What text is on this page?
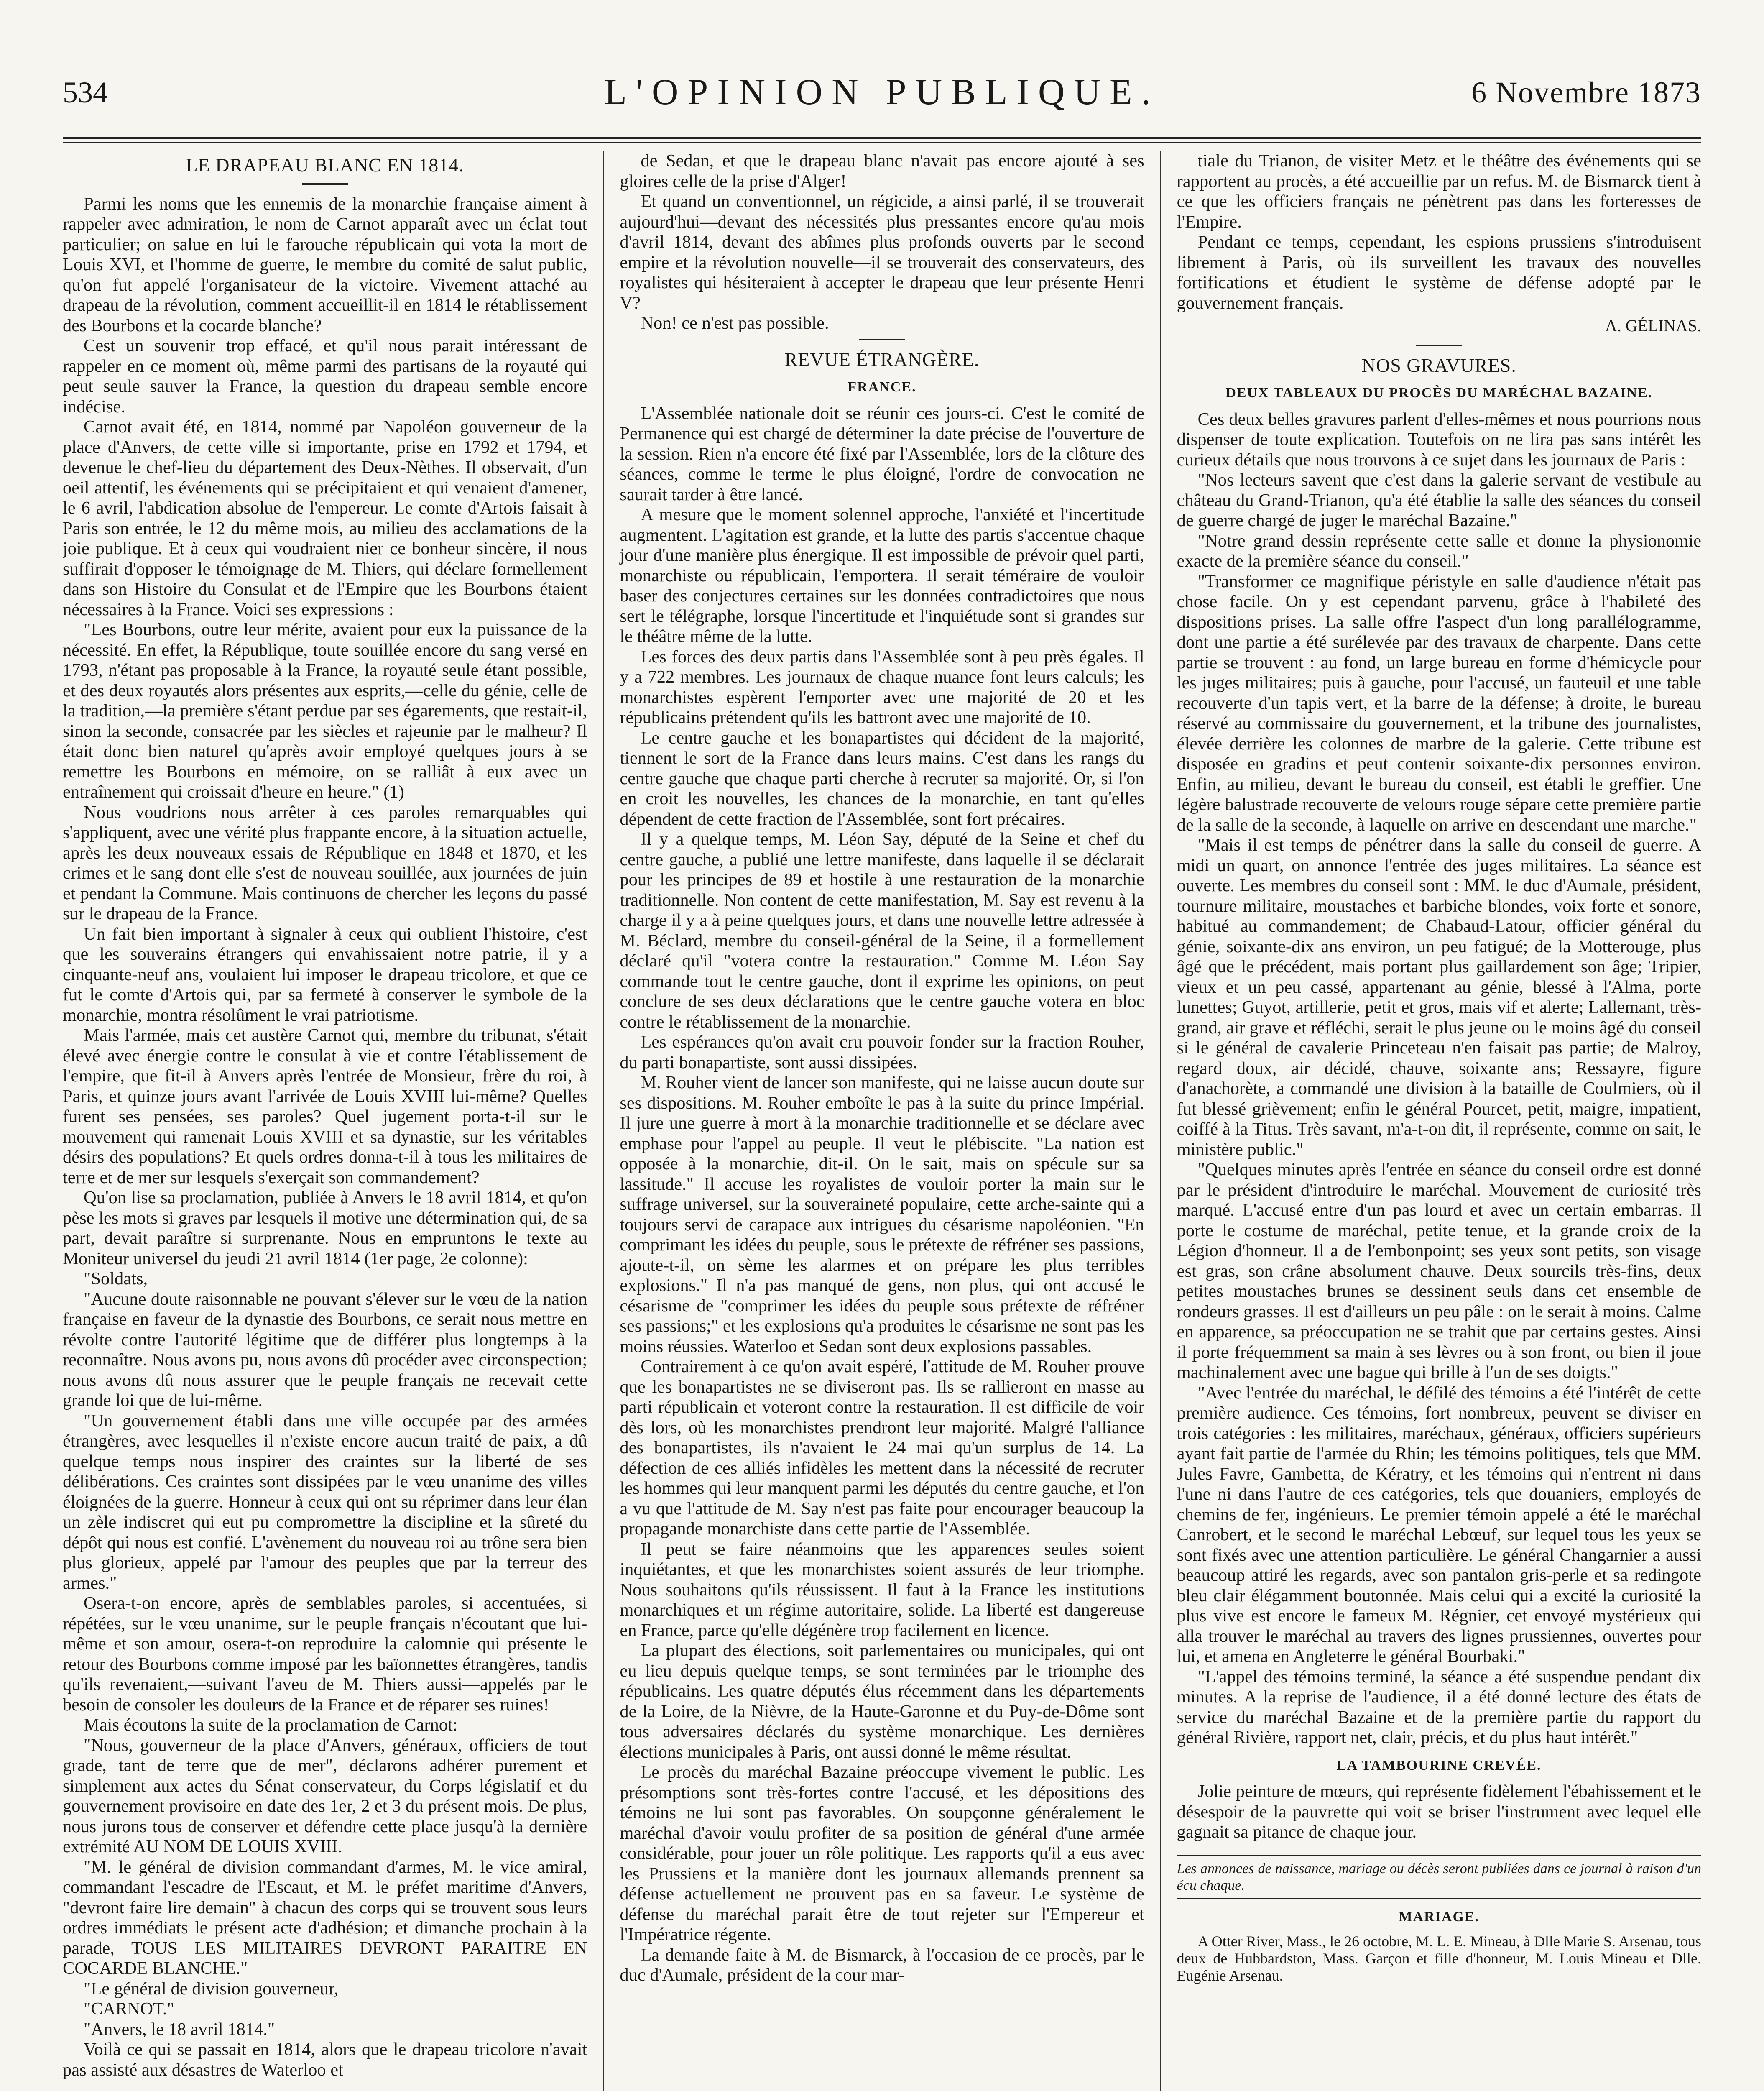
534	L'OPINION PUBLIQUE.	6 Novembre 1873
LE DRAPEAU BLANC EN 1814.

Parmi les noms que les ennemis de la monarchie française aiment à rappeler avec admiration, le nom de Carnot apparaît avec un éclat tout particulier; on salue en lui le farouche républicain qui vota la mort de Louis XVI, et l'homme de guerre, le membre du comité de salut public, qu'on fut appelé l'organisateur de la victoire. Vivement attaché au drapeau de la révolution, comment accueillit-il en 1814 le rétablissement des Bourbons et la cocarde blanche?

Cest un souvenir trop effacé, et qu'il nous parait intéressant de rappeler en ce moment où, même parmi des partisans de la royauté qui peut seule sauver la France, la question du drapeau semble encore indécise.

Carnot avait été, en 1814, nommé par Napoléon gouverneur de la place d'Anvers, de cette ville si importante, prise en 1792 et 1794, et devenue le chef-lieu du département des Deux-Nèthes. Il observait, d'un oeil attentif, les événements qui se précipitaient et qui venaient d'amener, le 6 avril, l'abdication absolue de l'empereur. Le comte d'Artois faisait à Paris son entrée, le 12 du même mois, au milieu des acclamations de la joie publique. Et à ceux qui voudraient nier ce bonheur sincère, il nous suffirait d'opposer le témoignage de M. Thiers, qui déclare formellement dans son Histoire du Consulat et de l'Empire que les Bourbons étaient nécessaires à la France. Voici ses expressions :

"Les Bourbons, outre leur mérite, avaient pour eux la puissance de la nécessité. En effet, la République, toute souillée encore du sang versé en 1793, n'étant pas proposable à la France, la royauté seule étant possible, et des deux royautés alors présentes aux esprits,—celle du génie, celle de la tradition,—la première s'étant perdue par ses égarements, que restait-il, sinon la seconde, consacrée par les siècles et rajeunie par le malheur? Il était donc bien naturel qu'après avoir employé quelques jours à se remettre les Bourbons en mémoire, on se ralliât à eux avec un entraînement qui croissait d'heure en heure." (1)

Nous voudrions nous arrêter à ces paroles remarquables qui s'appliquent, avec une vérité plus frappante encore, à la situation actuelle, après les deux nouveaux essais de République en 1848 et 1870, et les crimes et le sang dont elle s'est de nouveau souillée, aux journées de juin et pendant la Commune. Mais continuons de chercher les leçons du passé sur le drapeau de la France.

Un fait bien important à signaler à ceux qui oublient l'histoire, c'est que les souverains étrangers qui envahissaient notre patrie, il y a cinquante-neuf ans, voulaient lui imposer le drapeau tricolore, et que ce fut le comte d'Artois qui, par sa fermeté à conserver le symbole de la monarchie, montra résolûment le vrai patriotisme.

Mais l'armée, mais cet austère Carnot qui, membre du tribunat, s'était élevé avec énergie contre le consulat à vie et contre l'établissement de l'empire, que fit-il à Anvers après l'entrée de Monsieur, frère du roi, à Paris, et quinze jours avant l'arrivée de Louis XVIII lui-même? Quelles furent ses pensées, ses paroles? Quel jugement porta-t-il sur le mouvement qui ramenait Louis XVIII et sa dynastie, sur les véritables désirs des populations? Et quels ordres donna-t-il à tous les militaires de terre et de mer sur lesquels s'exerçait son commandement?

Qu'on lise sa proclamation, publiée à Anvers le 18 avril 1814, et qu'on pèse les mots si graves par lesquels il motive une détermination qui, de sa part, devait paraître si surprenante. Nous en empruntons le texte au Moniteur universel du jeudi 21 avril 1814 (1er page, 2e colonne):

"Soldats,

"Aucune doute raisonnable ne pouvant s'élever sur le vœu de la nation française en faveur de la dynastie des Bourbons, ce serait nous mettre en révolte contre l'autorité légitime que de différer plus longtemps à la reconnaître. Nous avons pu, nous avons dû procéder avec circonspection; nous avons dû nous assurer que le peuple français ne recevait cette grande loi que de lui-même.

"Un gouvernement établi dans une ville occupée par des armées étrangères, avec lesquelles il n'existe encore aucun traité de paix, a dû quelque temps nous inspirer des craintes sur la liberté de ses délibérations. Ces craintes sont dissipées par le vœu unanime des villes éloignées de la guerre. Honneur à ceux qui ont su réprimer dans leur élan un zèle indiscret qui eut pu compromettre la discipline et la sûreté du dépôt qui nous est confié. L'avènement du nouveau roi au trône sera bien plus glorieux, appelé par l'amour des peuples que par la terreur des armes."

Osera-t-on encore, après de semblables paroles, si accentuées, si répétées, sur le vœu unanime, sur le peuple français n'écoutant que lui-même et son amour, osera-t-on reproduire la calomnie qui présente le retour des Bourbons comme imposé par les baïonnettes étrangères, tandis qu'ils revenaient,—suivant l'aveu de M. Thiers aussi—appelés par le besoin de consoler les douleurs de la France et de réparer ses ruines!

Mais écoutons la suite de la proclamation de Carnot:

"Nous, gouverneur de la place d'Anvers, généraux, officiers de tout grade, tant de terre que de mer", déclarons adhérer purement et simplement aux actes du Sénat conservateur, du Corps législatif et du gouvernement provisoire en date des 1er, 2 et 3 du présent mois. De plus, nous jurons tous de conserver et défendre cette place jusqu'à la dernière extrémité AU NOM DE LOUIS XVIII.

"M. le général de division commandant d'armes, M. le vice amiral, commandant l'escadre de l'Escaut, et M. le préfet maritime d'Anvers, "devront faire lire demain" à chacun des corps qui se trouvent sous leurs ordres immédiats le présent acte d'adhésion; et dimanche prochain à la parade, TOUS LES MILITAIRES DEVRONT PARAITRE EN COCARDE BLANCHE."

"Le général de division gouverneur,

"CARNOT."

"Anvers, le 18 avril 1814."

Voilà ce qui se passait en 1814, alors que le drapeau tricolore n'avait pas assisté aux désastres de Waterloo et

de Sedan, et que le drapeau blanc n'avait pas encore ajouté à ses gloires celle de la prise d'Alger!

Et quand un conventionnel, un régicide, a ainsi parlé, il se trouverait aujourd'hui—devant des nécessités plus pressantes encore qu'au mois d'avril 1814, devant des abîmes plus profonds ouverts par le second empire et la révolution nouvelle—il se trouverait des conservateurs, des royalistes qui hésiteraient à accepter le drapeau que leur présente Henri V?

Non! ce n'est pas possible.

REVUE ÉTRANGÈRE.
FRANCE.

L'Assemblée nationale doit se réunir ces jours-ci. C'est le comité de Permanence qui est chargé de déterminer la date précise de l'ouverture de la session. Rien n'a encore été fixé par l'Assemblée, lors de la clôture des séances, comme le terme le plus éloigné, l'ordre de convocation ne saurait tarder à être lancé.

A mesure que le moment solennel approche, l'anxiété et l'incertitude augmentent. L'agitation est grande, et la lutte des partis s'accentue chaque jour d'une manière plus énergique. Il est impossible de prévoir quel parti, monarchiste ou républicain, l'emportera. Il serait téméraire de vouloir baser des conjectures certaines sur les données contradictoires que nous sert le télégraphe, lorsque l'incertitude et l'inquiétude sont si grandes sur le théâtre même de la lutte.

Les forces des deux partis dans l'Assemblée sont à peu près égales. Il y a 722 membres. Les journaux de chaque nuance font leurs calculs; les monarchistes espèrent l'emporter avec une majorité de 20 et les républicains prétendent qu'ils les battront avec une majorité de 10.

Le centre gauche et les bonapartistes qui décident de la majorité, tiennent le sort de la France dans leurs mains. C'est dans les rangs du centre gauche que chaque parti cherche à recruter sa majorité. Or, si l'on en croit les nouvelles, les chances de la monarchie, en tant qu'elles dépendent de cette fraction de l'Assemblée, sont fort précaires.

Il y a quelque temps, M. Léon Say, député de la Seine et chef du centre gauche, a publié une lettre manifeste, dans laquelle il se déclarait pour les principes de 89 et hostile à une restauration de la monarchie traditionnelle. Non content de cette manifestation, M. Say est revenu à la charge il y a à peine quelques jours, et dans une nouvelle lettre adressée à M. Béclard, membre du conseil-général de la Seine, il a formellement déclaré qu'il "votera contre la restauration." Comme M. Léon Say commande tout le centre gauche, dont il exprime les opinions, on peut conclure de ses deux déclarations que le centre gauche votera en bloc contre le rétablissement de la monarchie.

Les espérances qu'on avait cru pouvoir fonder sur la fraction Rouher, du parti bonapartiste, sont aussi dissipées.

M. Rouher vient de lancer son manifeste, qui ne laisse aucun doute sur ses dispositions. M. Rouher emboîte le pas à la suite du prince Impérial. Il jure une guerre à mort à la monarchie traditionnelle et se déclare avec emphase pour l'appel au peuple. Il veut le plébiscite. "La nation est opposée à la monarchie, dit-il. On le sait, mais on spécule sur sa lassitude." Il accuse les royalistes de vouloir porter la main sur le suffrage universel, sur la souveraineté populaire, cette arche-sainte qui a toujours servi de carapace aux intrigues du césarisme napoléonien. "En comprimant les idées du peuple, sous le prétexte de réfréner ses passions, ajoute-t-il, on sème les alarmes et on prépare les plus terribles explosions." Il n'a pas manqué de gens, non plus, qui ont accusé le césarisme de "comprimer les idées du peuple sous prétexte de réfréner ses passions;" et les explosions qu'a produites le césarisme ne sont pas les moins réussies. Waterloo et Sedan sont deux explosions passables.

Contrairement à ce qu'on avait espéré, l'attitude de M. Rouher prouve que les bonapartistes ne se diviseront pas. Ils se rallieront en masse au parti républicain et voteront contre la restauration. Il est difficile de voir dès lors, où les monarchistes prendront leur majorité. Malgré l'alliance des bonapartistes, ils n'avaient le 24 mai qu'un surplus de 14. La défection de ces alliés infidèles les mettent dans la nécessité de recruter les hommes qui leur manquent parmi les députés du centre gauche, et l'on a vu que l'attitude de M. Say n'est pas faite pour encourager beaucoup la propagande monarchiste dans cette partie de l'Assemblée.

Il peut se faire néanmoins que les apparences seules soient inquiétantes, et que les monarchistes soient assurés de leur triomphe. Nous souhaitons qu'ils réussissent. Il faut à la France les institutions monarchiques et un régime autoritaire, solide. La liberté est dangereuse en France, parce qu'elle dégénère trop facilement en licence.

La plupart des élections, soit parlementaires ou municipales, qui ont eu lieu depuis quelque temps, se sont terminées par le triomphe des républicains. Les quatre députés élus récemment dans les départements de la Loire, de la Nièvre, de la Haute-Garonne et du Puy-de-Dôme sont tous adversaires déclarés du système monarchique. Les dernières élections municipales à Paris, ont aussi donné le même résultat.

Le procès du maréchal Bazaine préoccupe vivement le public. Les présomptions sont très-fortes contre l'accusé, et les dépositions des témoins ne lui sont pas favorables. On soupçonne généralement le maréchal d'avoir voulu profiter de sa position de général d'une armée considérable, pour jouer un rôle politique. Les rapports qu'il a eus avec les Prussiens et la manière dont les journaux allemands prennent sa défense actuellement ne prouvent pas en sa faveur. Le système de défense du maréchal parait être de tout rejeter sur l'Empereur et l'Impératrice régente.

La demande faite à M. de Bismarck, à l'occasion de ce procès, par le duc d'Aumale, président de la cour mar-

tiale du Trianon, de visiter Metz et le théâtre des événements qui se rapportent au procès, a été accueillie par un refus. M. de Bismarck tient à ce que les officiers français ne pénètrent pas dans les forteresses de l'Empire.

Pendant ce temps, cependant, les espions prussiens s'introduisent librement à Paris, où ils surveillent les travaux des nouvelles fortifications et étudient le système de défense adopté par le gouvernement français.

A. GÉLINAS.
NOS GRAVURES.
DEUX TABLEAUX DU PROCÈS DU MARÉCHAL BAZAINE.

Ces deux belles gravures parlent d'elles-mêmes et nous pourrions nous dispenser de toute explication. Toutefois on ne lira pas sans intérêt les curieux détails que nous trouvons à ce sujet dans les journaux de Paris :

"Nos lecteurs savent que c'est dans la galerie servant de vestibule au château du Grand-Trianon, qu'a été établie la salle des séances du conseil de guerre chargé de juger le maréchal Bazaine."

"Notre grand dessin représente cette salle et donne la physionomie exacte de la première séance du conseil."

"Transformer ce magnifique péristyle en salle d'audience n'était pas chose facile. On y est cependant parvenu, grâce à l'habileté des dispositions prises. La salle offre l'aspect d'un long parallélogramme, dont une partie a été surélevée par des travaux de charpente. Dans cette partie se trouvent : au fond, un large bureau en forme d'hémicycle pour les juges militaires; puis à gauche, pour l'accusé, un fauteuil et une table recouverte d'un tapis vert, et la barre de la défense; à droite, le bureau réservé au commissaire du gouvernement, et la tribune des journalistes, élevée derrière les colonnes de marbre de la galerie. Cette tribune est disposée en gradins et peut contenir soixante-dix personnes environ. Enfin, au milieu, devant le bureau du conseil, est établi le greffier. Une légère balustrade recouverte de velours rouge sépare cette première partie de la salle de la seconde, à laquelle on arrive en descendant une marche."

"Mais il est temps de pénétrer dans la salle du conseil de guerre. A midi un quart, on annonce l'entrée des juges militaires. La séance est ouverte. Les membres du conseil sont : MM. le duc d'Aumale, président, tournure militaire, moustaches et barbiche blondes, voix forte et sonore, habitué au commandement; de Chabaud-Latour, officier général du génie, soixante-dix ans environ, un peu fatigué; de la Motterouge, plus âgé que le précédent, mais portant plus gaillardement son âge; Tripier, vieux et un peu cassé, appartenant au génie, blessé à l'Alma, porte lunettes; Guyot, artillerie, petit et gros, mais vif et alerte; Lallemant, très-grand, air grave et réfléchi, serait le plus jeune ou le moins âgé du conseil si le général de cavalerie Princeteau n'en faisait pas partie; de Malroy, regard doux, air décidé, chauve, soixante ans; Ressayre, figure d'anachorète, a commandé une division à la bataille de Coulmiers, où il fut blessé grièvement; enfin le général Pourcet, petit, maigre, impatient, coiffé à la Titus. Très savant, m'a-t-on dit, il représente, comme on sait, le ministère public."

"Quelques minutes après l'entrée en séance du conseil ordre est donné par le président d'introduire le maréchal. Mouvement de curiosité très marqué. L'accusé entre d'un pas lourd et avec un certain embarras. Il porte le costume de maréchal, petite tenue, et la grande croix de la Légion d'honneur. Il a de l'embonpoint; ses yeux sont petits, son visage est gras, son crâne absolument chauve. Deux sourcils très-fins, deux petites moustaches brunes se dessinent seuls dans cet ensemble de rondeurs grasses. Il est d'ailleurs un peu pâle : on le serait à moins. Calme en apparence, sa préoccupation ne se trahit que par certains gestes. Ainsi il porte fréquemment sa main à ses lèvres ou à son front, ou bien il joue machinalement avec une bague qui brille à l'un de ses doigts."

"Avec l'entrée du maréchal, le défilé des témoins a été l'intérêt de cette première audience. Ces témoins, fort nombreux, peuvent se diviser en trois catégories : les militaires, maréchaux, généraux, officiers supérieurs ayant fait partie de l'armée du Rhin; les témoins politiques, tels que MM. Jules Favre, Gambetta, de Kératry, et les témoins qui n'entrent ni dans l'une ni dans l'autre de ces catégories, tels que douaniers, employés de chemins de fer, ingénieurs. Le premier témoin appelé a été le maréchal Canrobert, et le second le maréchal Lebœuf, sur lequel tous les yeux se sont fixés avec une attention particulière. Le général Changarnier a aussi beaucoup attiré les regards, avec son pantalon gris-perle et sa redingote bleu clair élégamment boutonnée. Mais celui qui a excité la curiosité la plus vive est encore le fameux M. Régnier, cet envoyé mystérieux qui alla trouver le maréchal au travers des lignes prussiennes, ouvertes pour lui, et amena en Angleterre le général Bourbaki."

"L'appel des témoins terminé, la séance a été suspendue pendant dix minutes. A la reprise de l'audience, il a été donné lecture des états de service du maréchal Bazaine et de la première partie du rapport du général Rivière, rapport net, clair, précis, et du plus haut intérêt."

LA TAMBOURINE CREVÉE.

Jolie peinture de mœurs, qui représente fidèlement l'ébahissement et le désespoir de la pauvrette qui voit se briser l'instrument avec lequel elle gagnait sa pitance de chaque jour.

Les annonces de naissance, mariage ou décès seront publiées dans ce journal à raison d'un écu chaque.
MARIAGE.

A Otter River, Mass., le 26 octobre, M. L. E. Mineau, à Dlle Marie S. Arsenau, tous deux de Hubbardston, Mass. Garçon et fille d'honneur, M. Louis Mineau et Dlle. Eugénie Arsenau.
